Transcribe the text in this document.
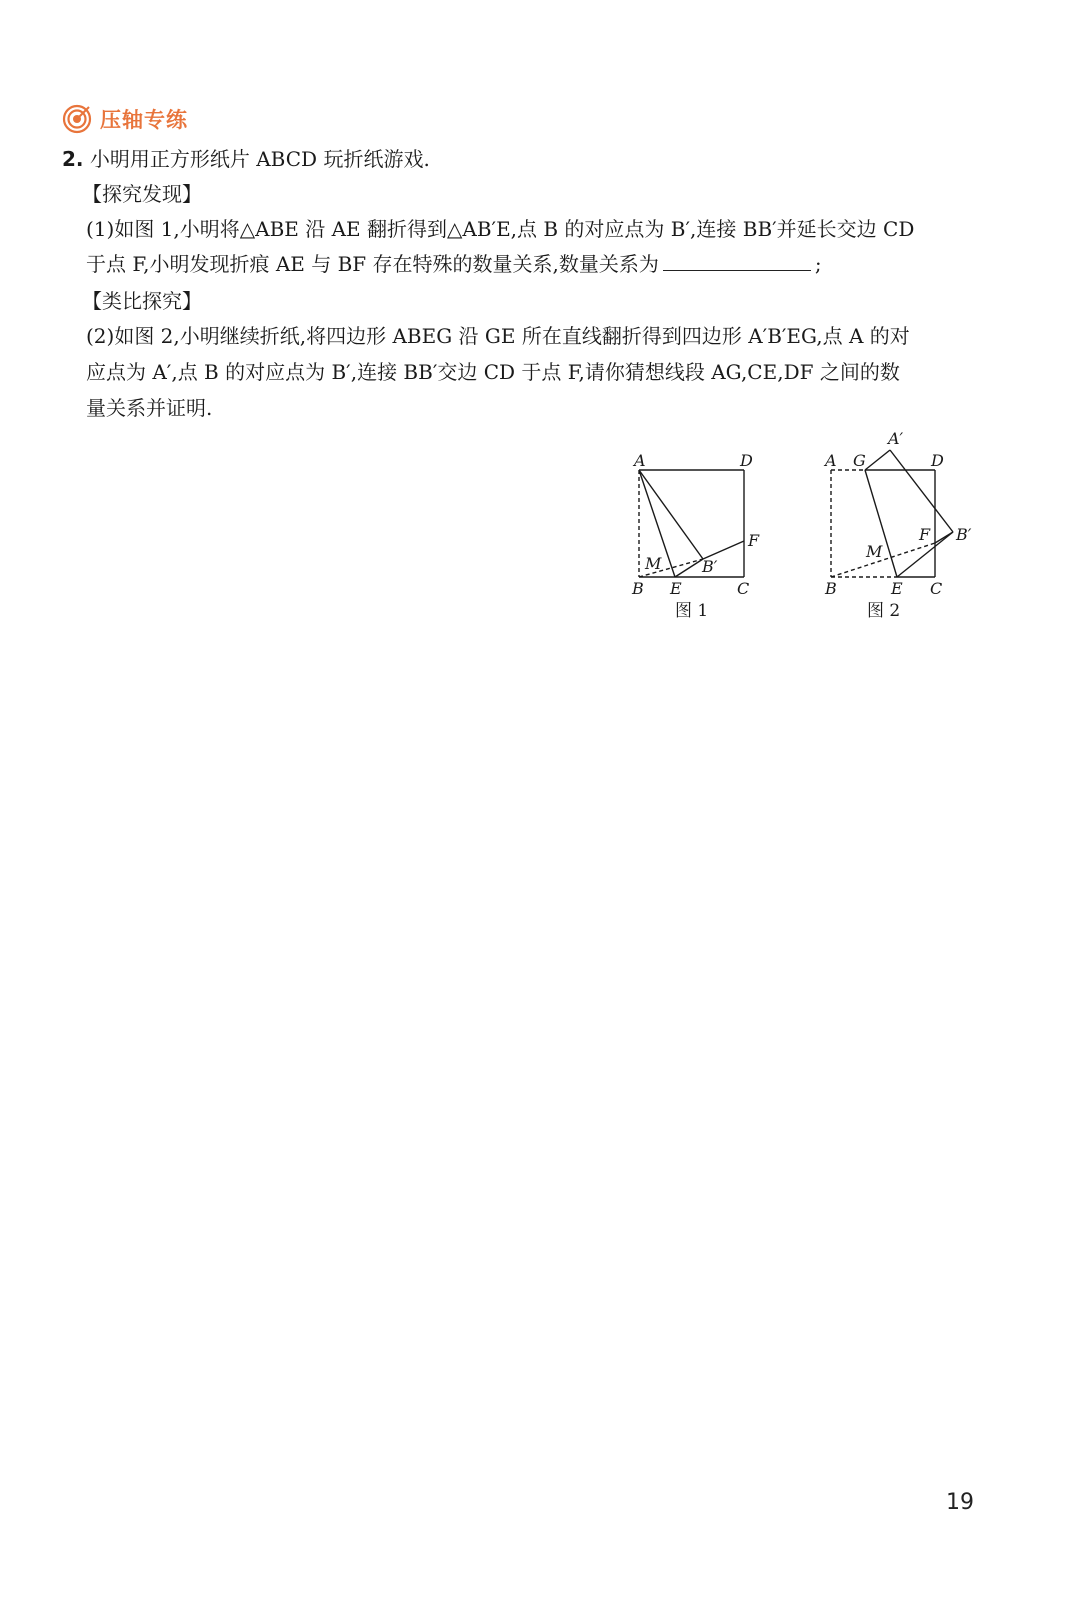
压轴专练
2. 小明用正方形纸片 ABCD 玩折纸游戏.
【探究发现】
(1)如图 1,小明将△ABE 沿 AE 翻折得到△AB′E,点 B 的对应点为 B′,连接 BB′并延长交边 CD
于点 F,小明发现折痕 AE 与 BF 存在特殊的数量关系,数量关系为	;
【类比探究】
(2)如图 2,小明继续折纸,将四边形 ABEG 沿 GE 所在直线翻折得到四边形 A′B′EG,点 A 的对
应点为 A′,点 B 的对应点为 B′,连接 BB′交边 CD 于点 F,请你猜想线段 AG,CE,DF 之间的数
量关系并证明.
A	D
F
M	B′
B E	C
图 1
A′
A G	D
F B′
M
B	E C
图 2
19
